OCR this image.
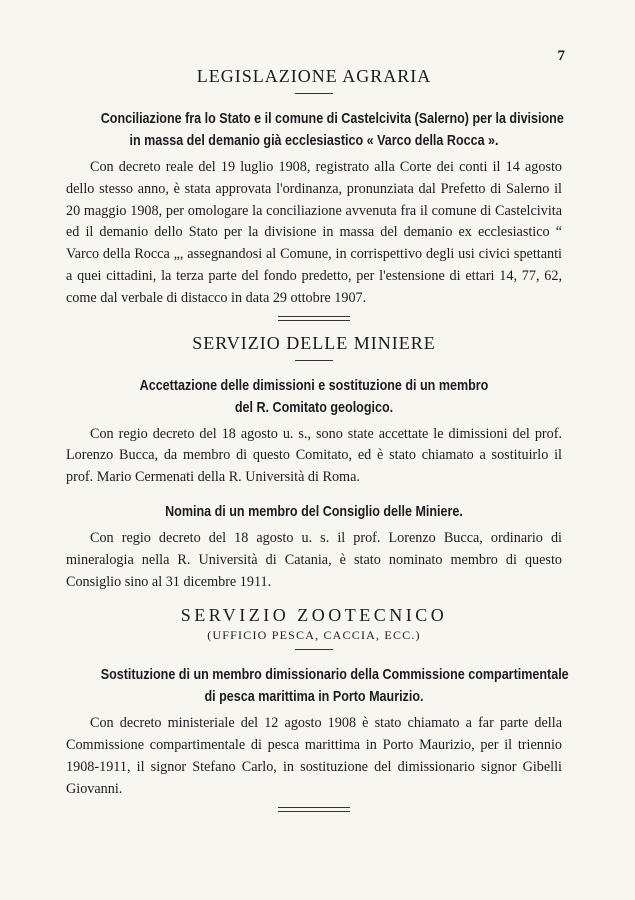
7
LEGISLAZIONE AGRARIA
Conciliazione fra lo Stato e il comune di Castelcivita (Salerno) per la divisione
in massa del demanio già ecclesiastico « Varco della Rocca ».

Con decreto reale del 19 luglio 1908, registrato alla Corte dei conti il 14 agosto dello stesso anno, è stata approvata l'ordinanza, pronunziata dal Prefetto di Salerno il 20 maggio 1908, per omologare la conciliazione avvenuta fra il comune di Castelcivita ed il demanio dello Stato per la divisione in massa del demanio ex ecclesiastico “ Varco della Rocca „, assegnandosi al Comune, in corrispettivo degli usi civici spettanti a quei cittadini, la terza parte del fondo predetto, per l'estensione di ettari 14, 77, 62, come dal verbale di distacco in data 29 ottobre 1907.

SERVIZIO DELLE MINIERE
Accettazione delle dimissioni e sostituzione di un membro
del R. Comitato geologico.

Con regio decreto del 18 agosto u. s., sono state accettate le dimissioni del prof. Lorenzo Bucca, da membro di questo Comitato, ed è stato chiamato a sostituirlo il prof. Mario Cermenati della R. Università di Roma.

Nomina di un membro del Consiglio delle Miniere.

Con regio decreto del 18 agosto u. s. il prof. Lorenzo Bucca, ordinario di mineralogia nella R. Università di Catania, è stato nominato membro di questo Consiglio sino al 31 dicembre 1911.

SERVIZIO ZOOTECNICO

(UFFICIO PESCA, CACCIA, ECC.)

Sostituzione di un membro dimissionario della Commissione compartimentale
di pesca marittima in Porto Maurizio.

Con decreto ministeriale del 12 agosto 1908 è stato chiamato a far parte della Commissione compartimentale di pesca marittima in Porto Maurizio, per il triennio 1908-1911, il signor Stefano Carlo, in sostituzione del dimissionario signor Gibelli Giovanni.
